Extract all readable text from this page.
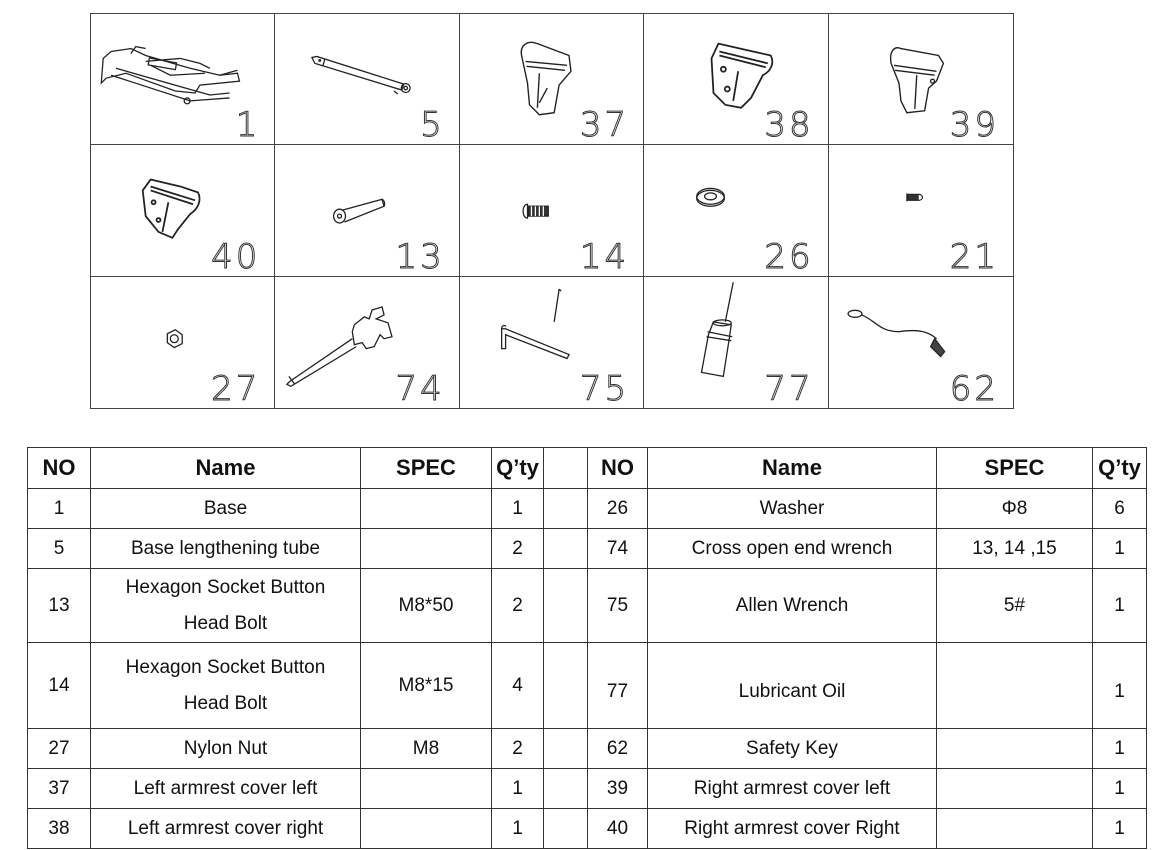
1	5	37	38	39
40	13	14	26	21
27	74	75	77	62
NO	Name	SPEC	Q’ty		NO	Name	SPEC	Q’ty
1	Base		1		26	Washer	Φ8	6
5	Base lengthening tube		2		74	Cross open end wrench	13, 14 ,15	1
13	Hexagon Socket Button
Head Bolt	M8*50	2		75	Allen Wrench	5#	1
14	Hexagon Socket Button
Head Bolt	M8*15	4		77	Lubricant Oil		1
27	Nylon Nut	M8	2		62	Safety Key		1
37	Left armrest cover left		1		39	Right armrest cover left		1
38	Left armrest cover right		1		40	Right armrest cover Right		1
